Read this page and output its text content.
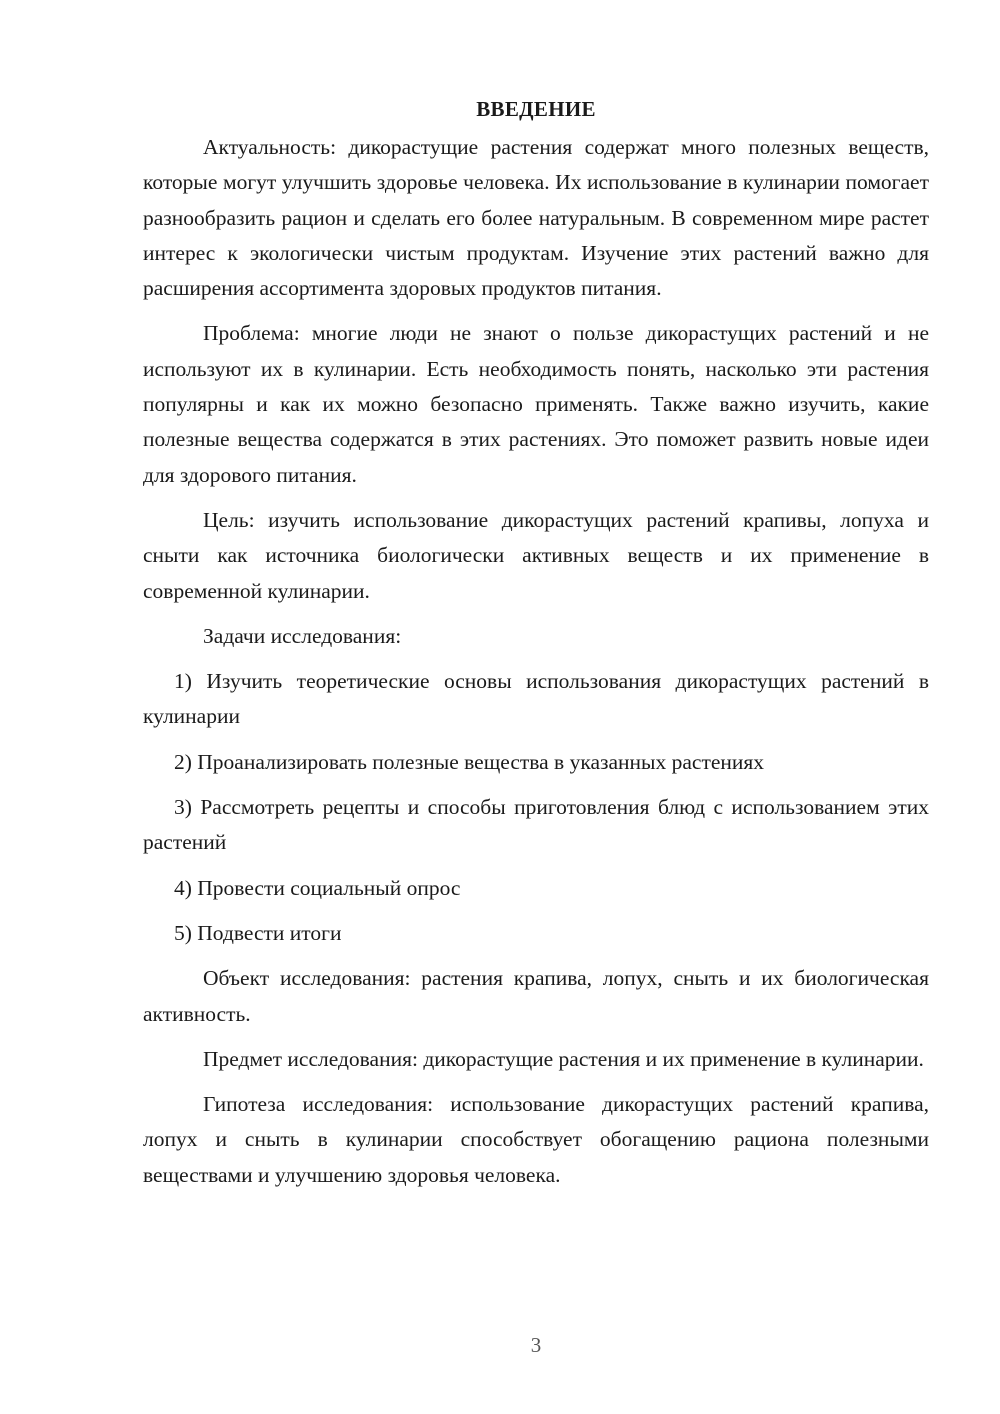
ВВЕДЕНИЕ

Актуальность: дикорастущие растения содержат много полезных веществ, которые могут улучшить здоровье человека. Их использование в кулинарии помогает разнообразить рацион и сделать его более натуральным. В современном мире растет интерес к экологически чистым продуктам. Изучение этих растений важно для расширения ассортимента здоровых продуктов питания.

Проблема: многие люди не знают о пользе дикорастущих растений и не используют их в кулинарии. Есть необходимость понять, насколько эти растения популярны и как их можно безопасно применять. Также важно изучить, какие полезные вещества содержатся в этих растениях. Это поможет развить новые идеи для здорового питания.

Цель: изучить использование дикорастущих растений крапивы, лопуха и сныти как источника биологически активных веществ и их применение в современной кулинарии.

Задачи исследования:

1) Изучить теоретические основы использования дикорастущих растений в кулинарии

2) Проанализировать полезные вещества в указанных растениях

3) Рассмотреть рецепты и способы приготовления блюд с использованием этих растений

4) Провести социальный опрос

5) Подвести итоги

Объект исследования: растения крапива, лопух, сныть и их биологическая активность.

Предмет исследования: дикорастущие растения и их применение в кулинарии.

Гипотеза исследования: использование дикорастущих растений крапива, лопух и сныть в кулинарии способствует обогащению рациона полезными веществами и улучшению здоровья человека.

3
